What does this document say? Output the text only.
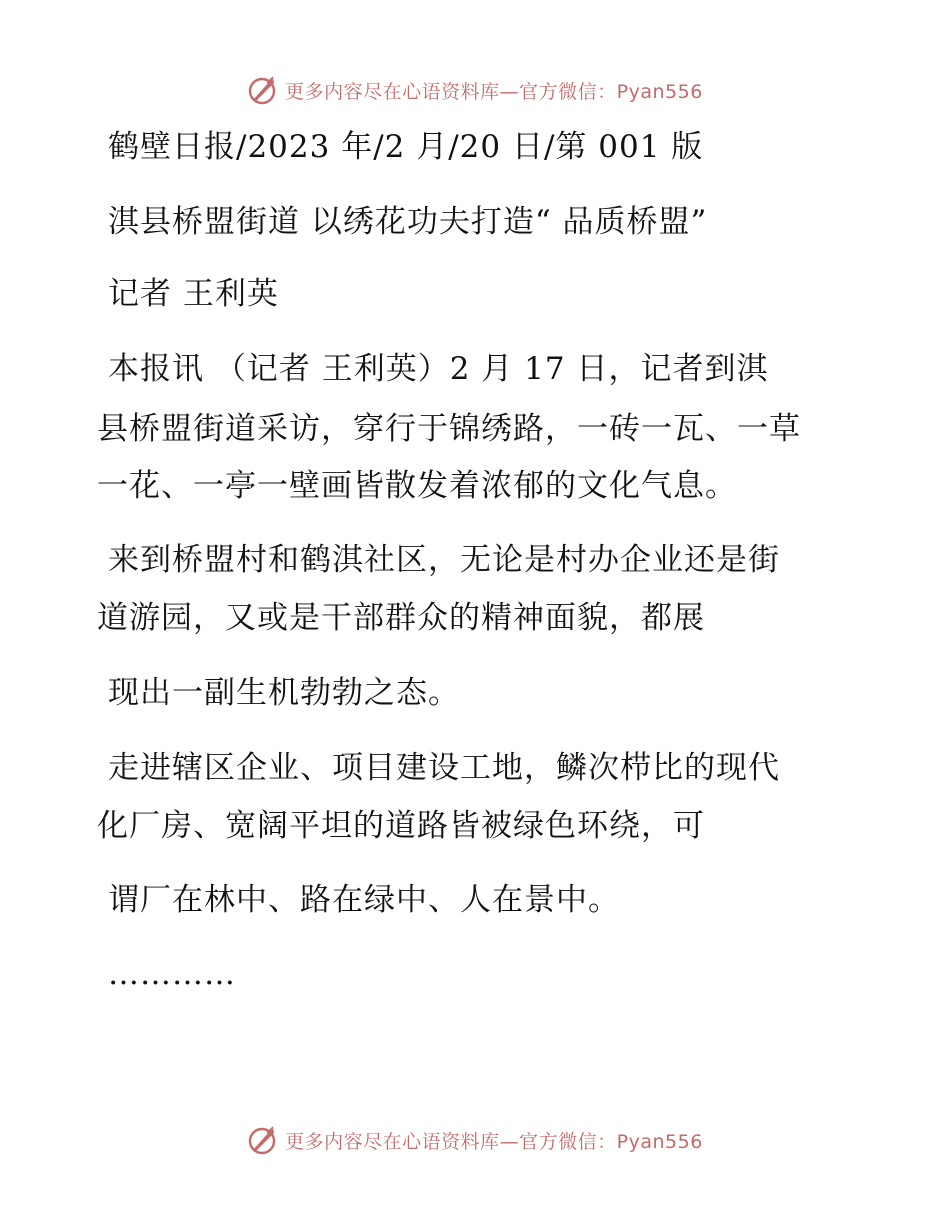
更多内容尽在心语资料库—官方微信：Pyan556
鹤壁日报/2023 年/2 月/20 日/第 001 版
淇县桥盟街道 以绣花功夫打造“ 品质桥盟”
记者 王利英
本报讯 （记者 王利英）2 月 17 日，记者到淇
县桥盟街道采访，穿行于锦绣路，一砖一瓦、一草
一花、一亭一壁画皆散发着浓郁的文化气息。
来到桥盟村和鹤淇社区，无论是村办企业还是街
道游园，又或是干部群众的精神面貌，都展
现出一副生机勃勃之态。
走进辖区企业、项目建设工地，鳞次栉比的现代
化厂房、宽阔平坦的道路皆被绿色环绕，可
谓厂在林中、路在绿中、人在景中。
…………
更多内容尽在心语资料库—官方微信：Pyan556
